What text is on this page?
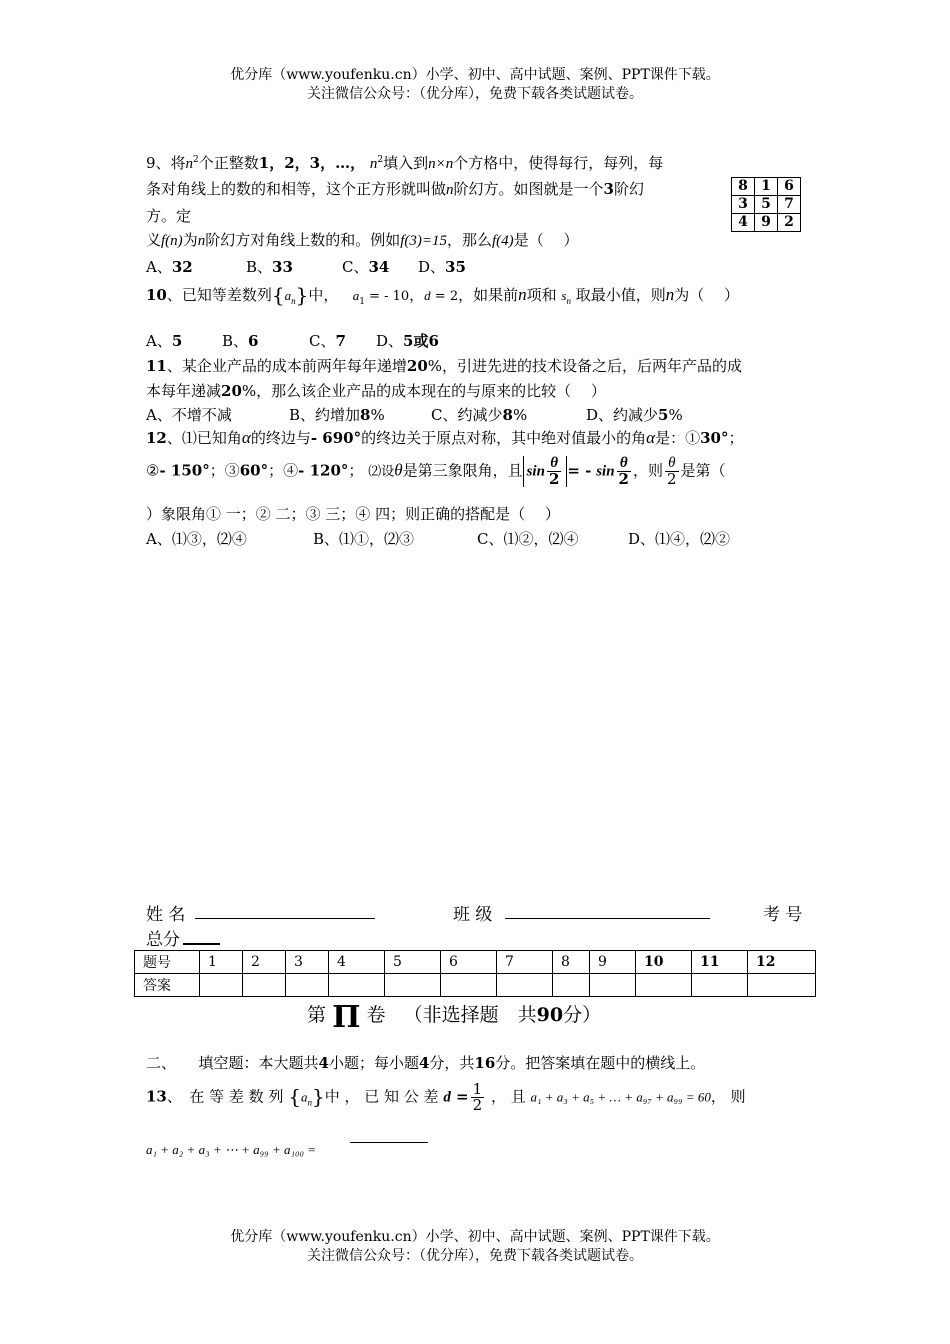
优分库（www.youfenku.cn）小学、初中、高中试题、案例、PPT课件下载。
关注微信公众号：（优分库），免费下载各类试题试卷。
9、将$n^2$个正整数1，2，3，…， $n^2$填入到n×n个方格中，使得每行，每列，每
条对角线上的数的和相等，这个正方形就叫做n阶幻方。如图就是一个3阶幻
方。定
义f(n)为n阶幻方对角线上数的和。例如f(3)=15，那么f(4)是（　 ）
8	1	6
3	5	7
4	9	2
A、32	B、33	C、34 D、35
10、已知等差数列$\{a_n\}$中， $a_1$ = - 10，d = 2，如果前n项和 $s_n$ 取最小值，则n为（　 ）
A、5	B、6	C、7 D、5或6
11、某企业产品的成本前两年每年递增20%，引进先进的技术设备之后，后两年产品的成
本每年递减20%，那么该企业产品的成本现在的与原来的比较（　 ）
A、不增不减	B、约增加8%	C、约减少8%	D、约减少5%
12、⑴已知角α的终边与- 690°的终边关于原点对称，其中绝对值最小的角α是：①30°；
②- 150°；③60°；④- 120°； ⑵设θ是第三象限角，且 $\sin \frac{\theta}{2}$ = - $\sin \frac{\theta}{2}$ ，则 $\frac{\theta}{2}$ 是第（
）象限角① 一；② 二；③ 三；④ 四；则正确的搭配是（　 ）
A、⑴③，⑵④	B、⑴①，⑵③	C、⑴②，⑵④	D、⑴④，⑵②
姓 名	班 级	考 号
总分
题号	1	2	3	4	5	6	7	8	9	10	11	12
答案												
第 Π 卷 （非选择题　共90分）
二、　　填空题：本大题共4小题；每小题4分，共16分。把答案填在题中的横线上。
13、　在 等 差 数 列 $\{a_n\}$中 ， 已 知 公 差 $d = \frac{1}{2}$ ， 且 a₁ + a₃ + a₅ + … + a₉₇ + a₉₉ = 60， 则
a₁ + a₂ + a₃ + ⋯ + a₉₉ + a₁₀₀ =
优分库（www.youfenku.cn）小学、初中、高中试题、案例、PPT课件下载。
关注微信公众号：（优分库），免费下载各类试题试卷。
